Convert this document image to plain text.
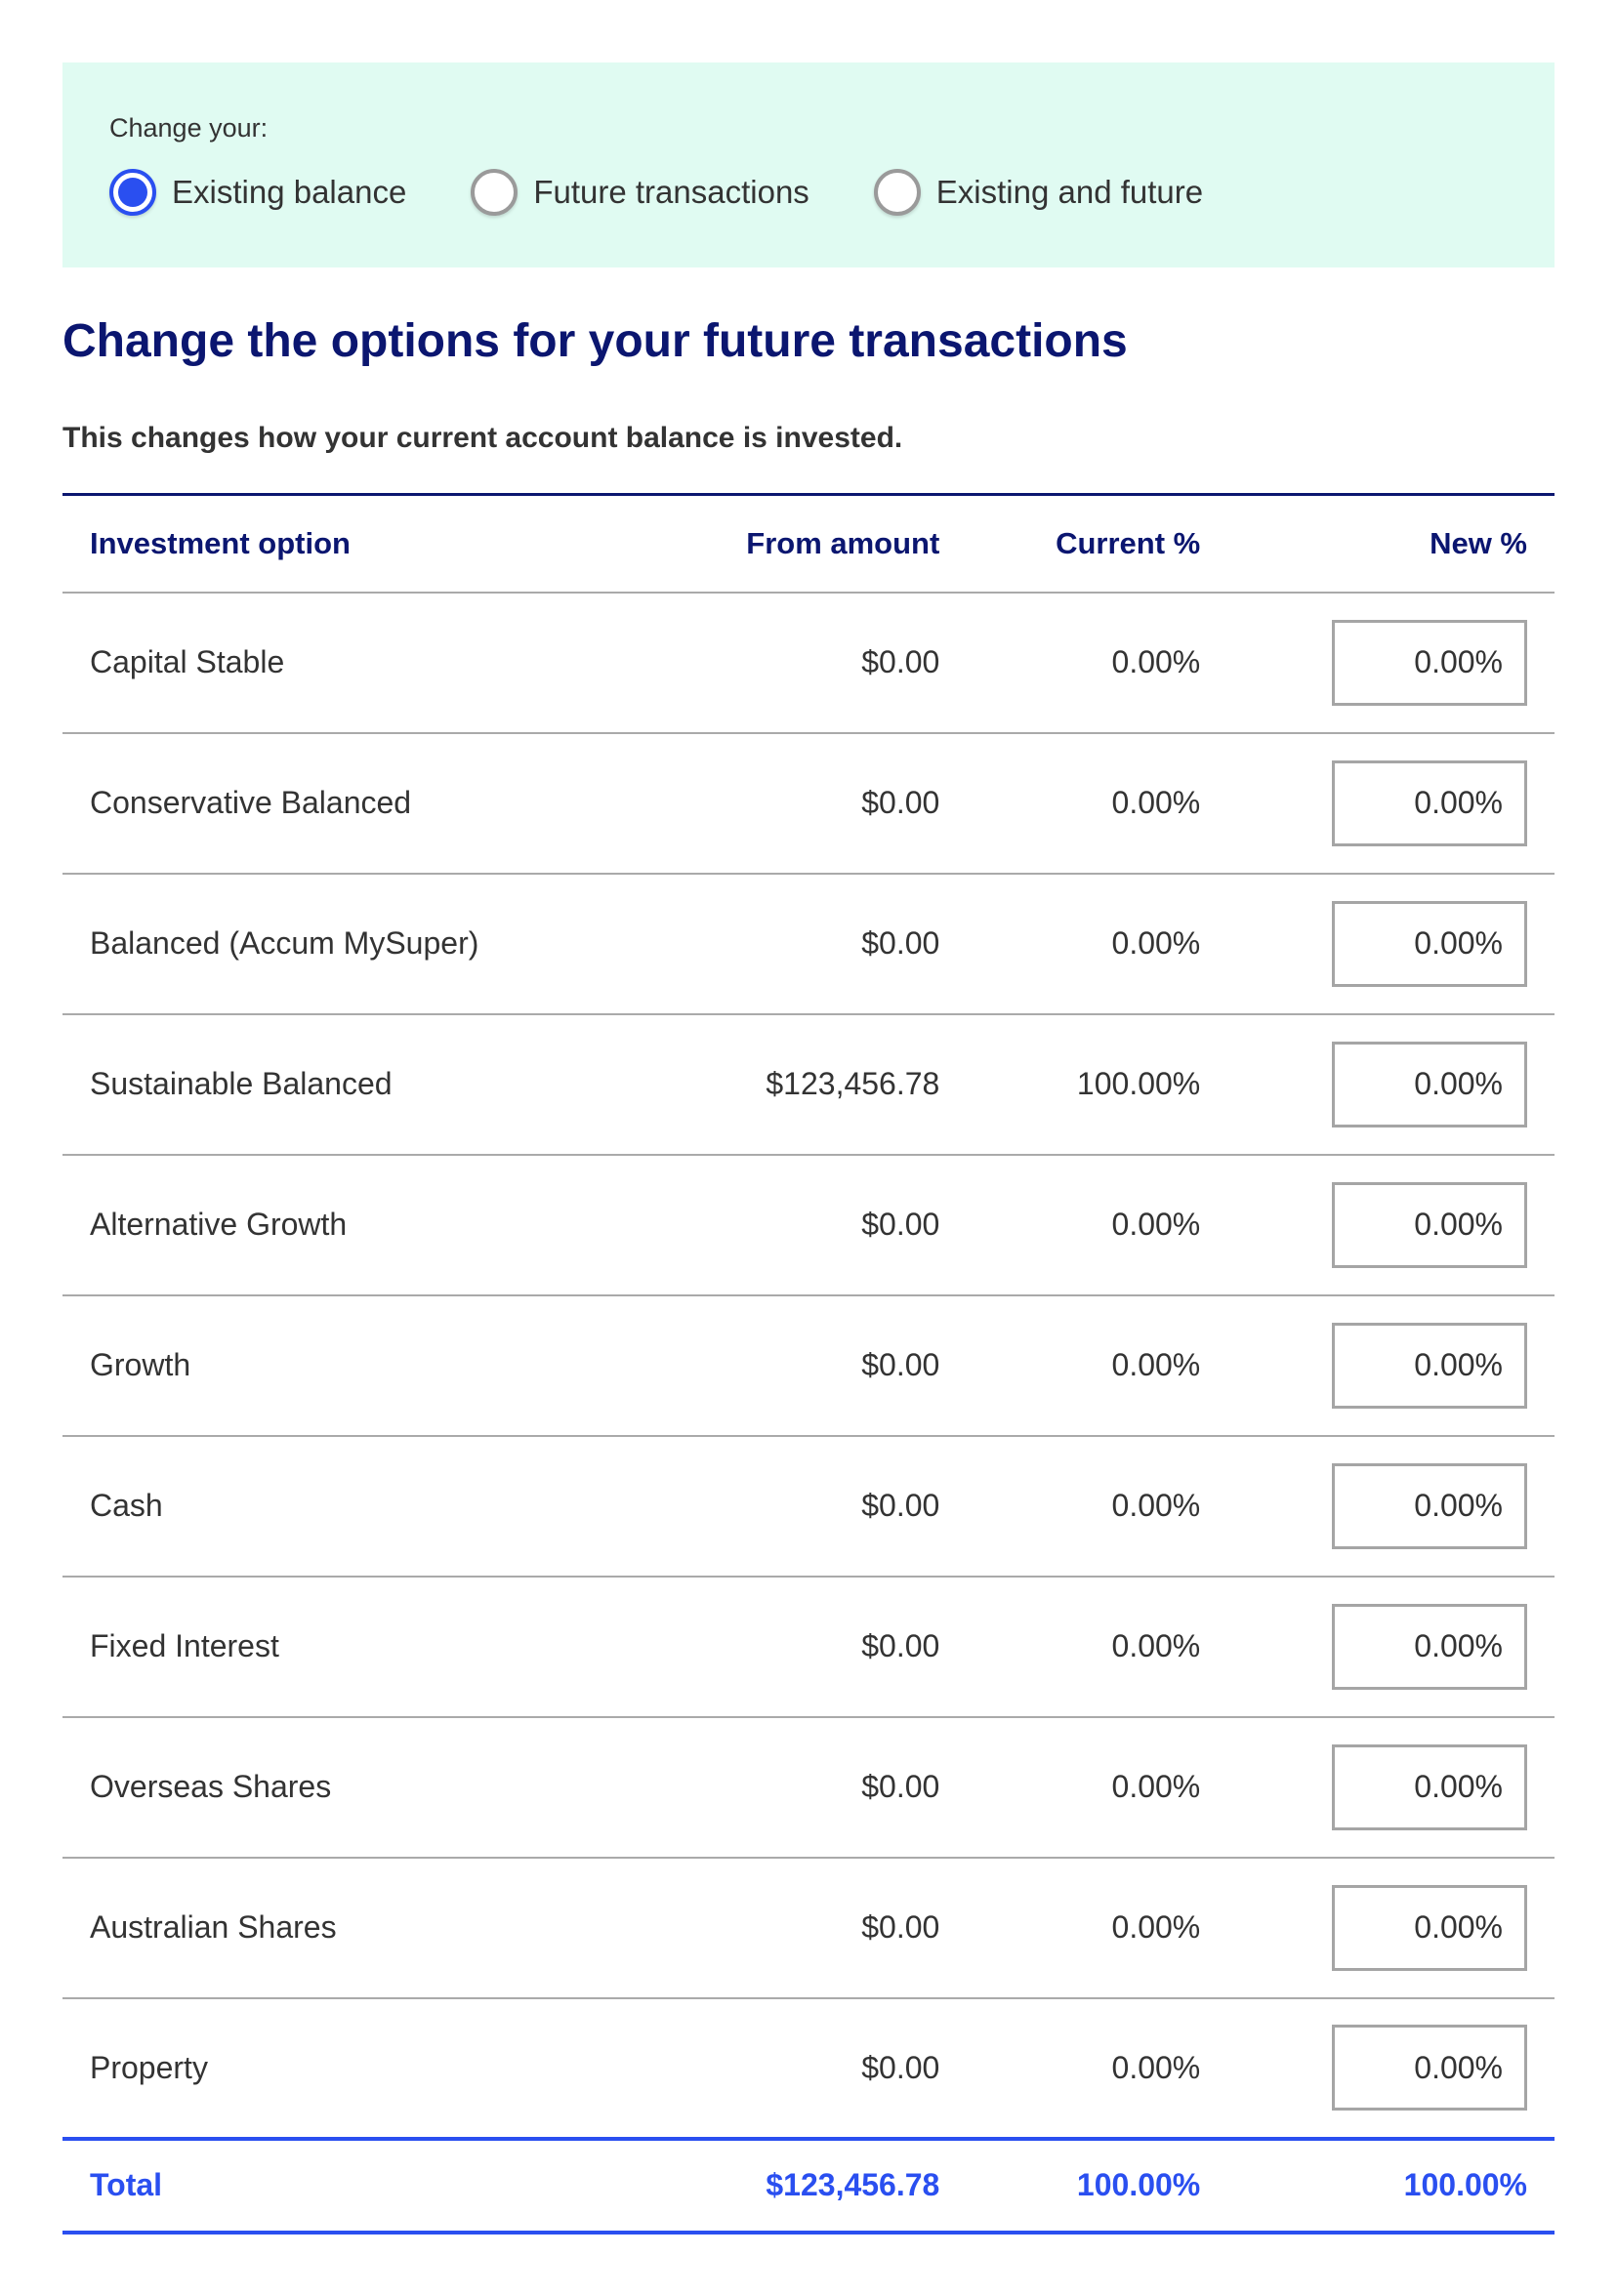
Change your:
Existing balance	Future transactions	Existing and future
Change the options for your future transactions
This changes how your current account balance is invested.
Investment option	From amount	Current %	New %
Capital Stable	$0.00	0.00%	0.00%
Conservative Balanced	$0.00	0.00%	0.00%
Balanced (Accum MySuper)	$0.00	0.00%	0.00%
Sustainable Balanced	$123,456.78	100.00%	0.00%
Alternative Growth	$0.00	0.00%	0.00%
Growth	$0.00	0.00%	0.00%
Cash	$0.00	0.00%	0.00%
Fixed Interest	$0.00	0.00%	0.00%
Overseas Shares	$0.00	0.00%	0.00%
Australian Shares	$0.00	0.00%	0.00%
Property	$0.00	0.00%	0.00%
Total	$123,456.78	100.00%	100.00%
